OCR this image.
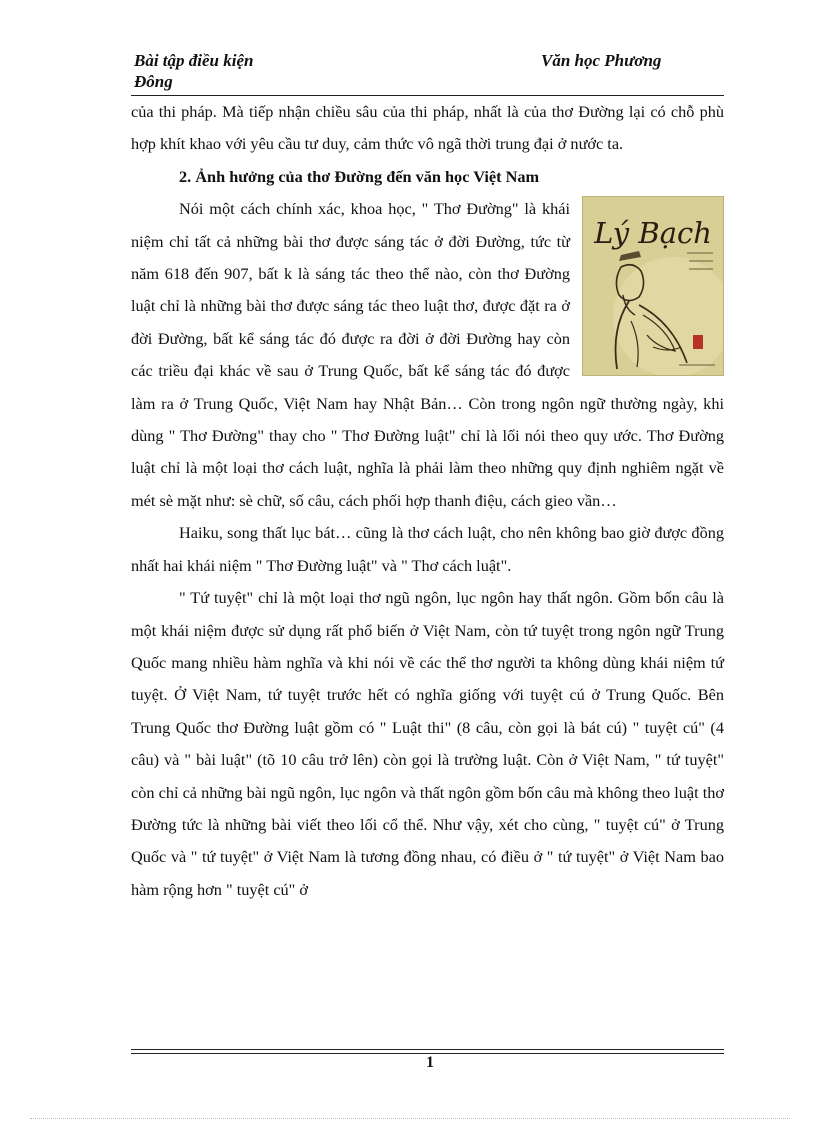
Bài tập điều kiện Đông
Văn học Phương

của thi pháp. Mà tiếp nhận chiều sâu của thi pháp, nhất là của thơ Đường lại có chỗ phù hợp khít khao với yêu cầu tư duy, cảm thức vô ngã thời trung đại ở nước ta.

2. Ảnh hưởng của thơ Đường đến văn học Việt Nam

Lý Bạch
Nói một cách chính xác, khoa học, " Thơ Đường" là khái niệm chỉ tất cả những bài thơ được sáng tác ở đời Đường, tức từ năm 618 đến 907, bất k là sáng tác theo thể nào, còn thơ Đường luật chỉ là những bài thơ được sáng tác theo luật thơ, được đặt ra ở đời Đường, bất kể sáng tác đó được ra đời ở đời Đường hay còn các triều đại khác về sau ở Trung Quốc, bất kể sáng tác đó được làm ra ở Trung Quốc, Việt Nam hay Nhật Bản… Còn trong ngôn ngữ thường ngày, khi dùng " Thơ Đường" thay cho " Thơ Đường luật" chỉ là lối nói theo quy ước. Thơ Đường luật chỉ là một loại thơ cách luật, nghĩa là phải làm theo những quy định nghiêm ngặt về mét sè mặt như: sè chữ, số câu, cách phối hợp thanh điệu, cách gieo vần…

Haiku, song thất lục bát… cũng là thơ cách luật, cho nên không bao giờ được đồng nhất hai khái niệm " Thơ Đường luật" và " Thơ cách luật".

" Tứ tuyệt" chỉ là một loại thơ ngũ ngôn, lục ngôn hay thất ngôn. Gồm bốn câu là một khái niệm được sử dụng rất phổ biến ở Việt Nam, còn tứ tuyệt trong ngôn ngữ Trung Quốc mang nhiều hàm nghĩa và khi nói về các thể thơ người ta không dùng khái niệm tứ tuyệt. Ở Việt Nam, tứ tuyệt trước hết có nghĩa giống với tuyệt cú ở Trung Quốc. Bên Trung Quốc thơ Đường luật gồm có " Luật thi" (8 câu, còn gọi là bát cú) " tuyệt cú" (4 câu) và " bài luật" (tõ 10 câu trở lên) còn gọi là trường luật. Còn ở Việt Nam, " tứ tuyệt" còn chỉ cả những bài ngũ ngôn, lục ngôn và thất ngôn gồm bốn câu mà không theo luật thơ Đường tức là những bài viết theo lối cổ thể. Như vậy, xét cho cùng, " tuyệt cú" ở Trung Quốc và " tứ tuyệt" ở Việt Nam là tương đồng nhau, có điều ở " tứ tuyệt" ở Việt Nam bao hàm rộng hơn " tuyệt cú" ở

1
